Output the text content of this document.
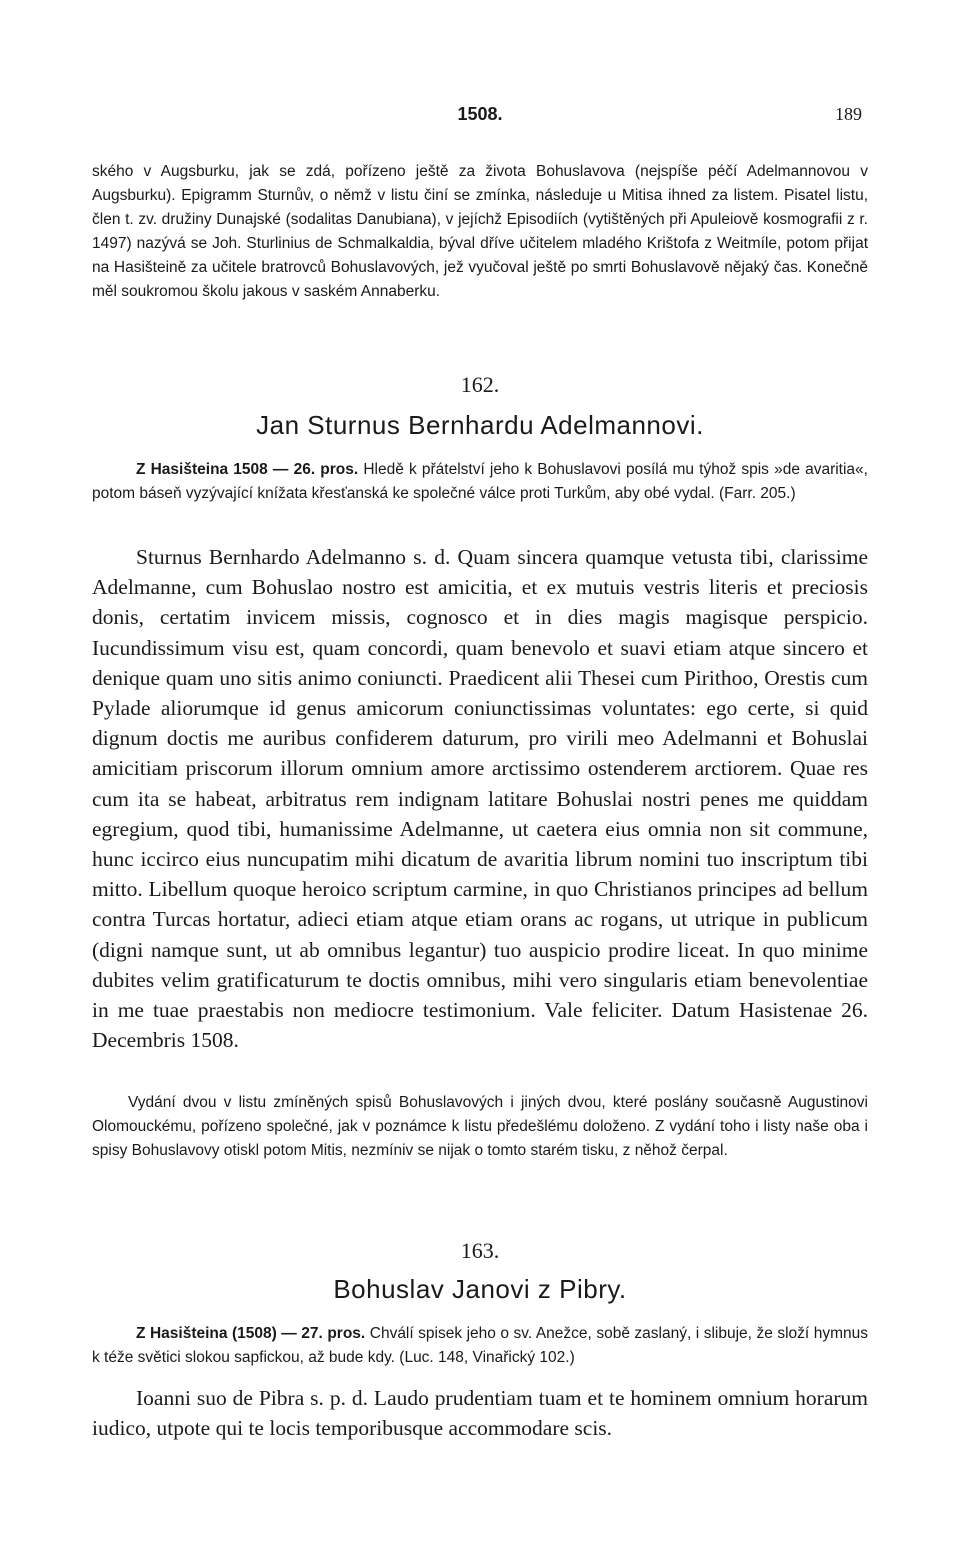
1508.	189

ského v Augsburku, jak se zdá, pořízeno ještě za života Bohuslavova (nejspíše péčí Adelmannovou v Augsburku). Epigramm Sturnův, o němž v listu činí se zmínka, následuje u Mitisa ihned za listem. Pisatel listu, člen t. zv. družiny Dunajské (sodalitas Danubiana), v jejíchž Episodiích (vytištěných při Apuleiově kosmografii z r. 1497) nazývá se Joh. Sturlinius de Schmalkaldia, býval dříve učitelem mladého Krištofa z Weitmíle, potom přijat na Hasišteině za učitele bratrovců Bohuslavových, jež vyučoval ještě po smrti Bohuslavově nějaký čas. Konečně měl soukromou školu jakous v saském Annaberku.

162.
Jan Sturnus Bernhardu Adelmannovi.

Z Hasišteina 1508 — 26. pros. Hledě k přátelství jeho k Bohuslavovi posílá mu týhož spis »de avaritia«, potom báseň vyzývající knížata křesťanská ke společné válce proti Turkům, aby obé vydal. (Farr. 205.)

Sturnus Bernhardo Adelmanno s. d. Quam sincera quamque vetusta tibi, clarissime Adelmanne, cum Bohuslao nostro est amicitia, et ex mutuis vestris literis et preciosis donis, certatim invicem missis, cognosco et in dies magis magisque perspicio. Iucundissimum visu est, quam concordi, quam benevolo et suavi etiam atque sincero et denique quam uno sitis animo coniuncti. Praedicent alii Thesei cum Pirithoo, Orestis cum Pylade aliorumque id genus amicorum coniunctissimas voluntates: ego certe, si quid dignum doctis me auribus confiderem daturum, pro virili meo Adelmanni et Bohuslai amicitiam priscorum illorum omnium amore arctissimo ostenderem arctiorem. Quae res cum ita se habeat, arbitratus rem indignam latitare Bohuslai nostri penes me quiddam egregium, quod tibi, humanissime Adelmanne, ut caetera eius omnia non sit commune, hunc iccirco eius nuncupatim mihi dicatum de avaritia librum nomini tuo inscriptum tibi mitto. Libellum quoque heroico scriptum carmine, in quo Christianos principes ad bellum contra Turcas hortatur, adieci etiam atque etiam orans ac rogans, ut utrique in publicum (digni namque sunt, ut ab omnibus legantur) tuo auspicio prodire liceat. In quo minime dubites velim gratificaturum te doctis omnibus, mihi vero singularis etiam benevolentiae in me tuae praestabis non mediocre testimonium. Vale feliciter. Datum Hasistenae 26. Decembris 1508.

Vydání dvou v listu zmíněných spisů Bohuslavových i jiných dvou, které poslány současně Augustinovi Olomouckému, pořízeno společné, jak v poznámce k listu předešlému doloženo. Z vydání toho i listy naše oba i spisy Bohuslavovy otiskl potom Mitis, nezmíniv se nijak o tomto starém tisku, z něhož čerpal.

163.
Bohuslav Janovi z Pibry.

Z Hasišteina (1508) — 27. pros. Chválí spisek jeho o sv. Anežce, sobě zaslaný, i slibuje, že složí hymnus k téže světici slokou sapfickou, až bude kdy. (Luc. 148, Vinařický 102.)

Ioanni suo de Pibra s. p. d. Laudo prudentiam tuam et te hominem omnium horarum iudico, utpote qui te locis temporibusque accommodare scis.
